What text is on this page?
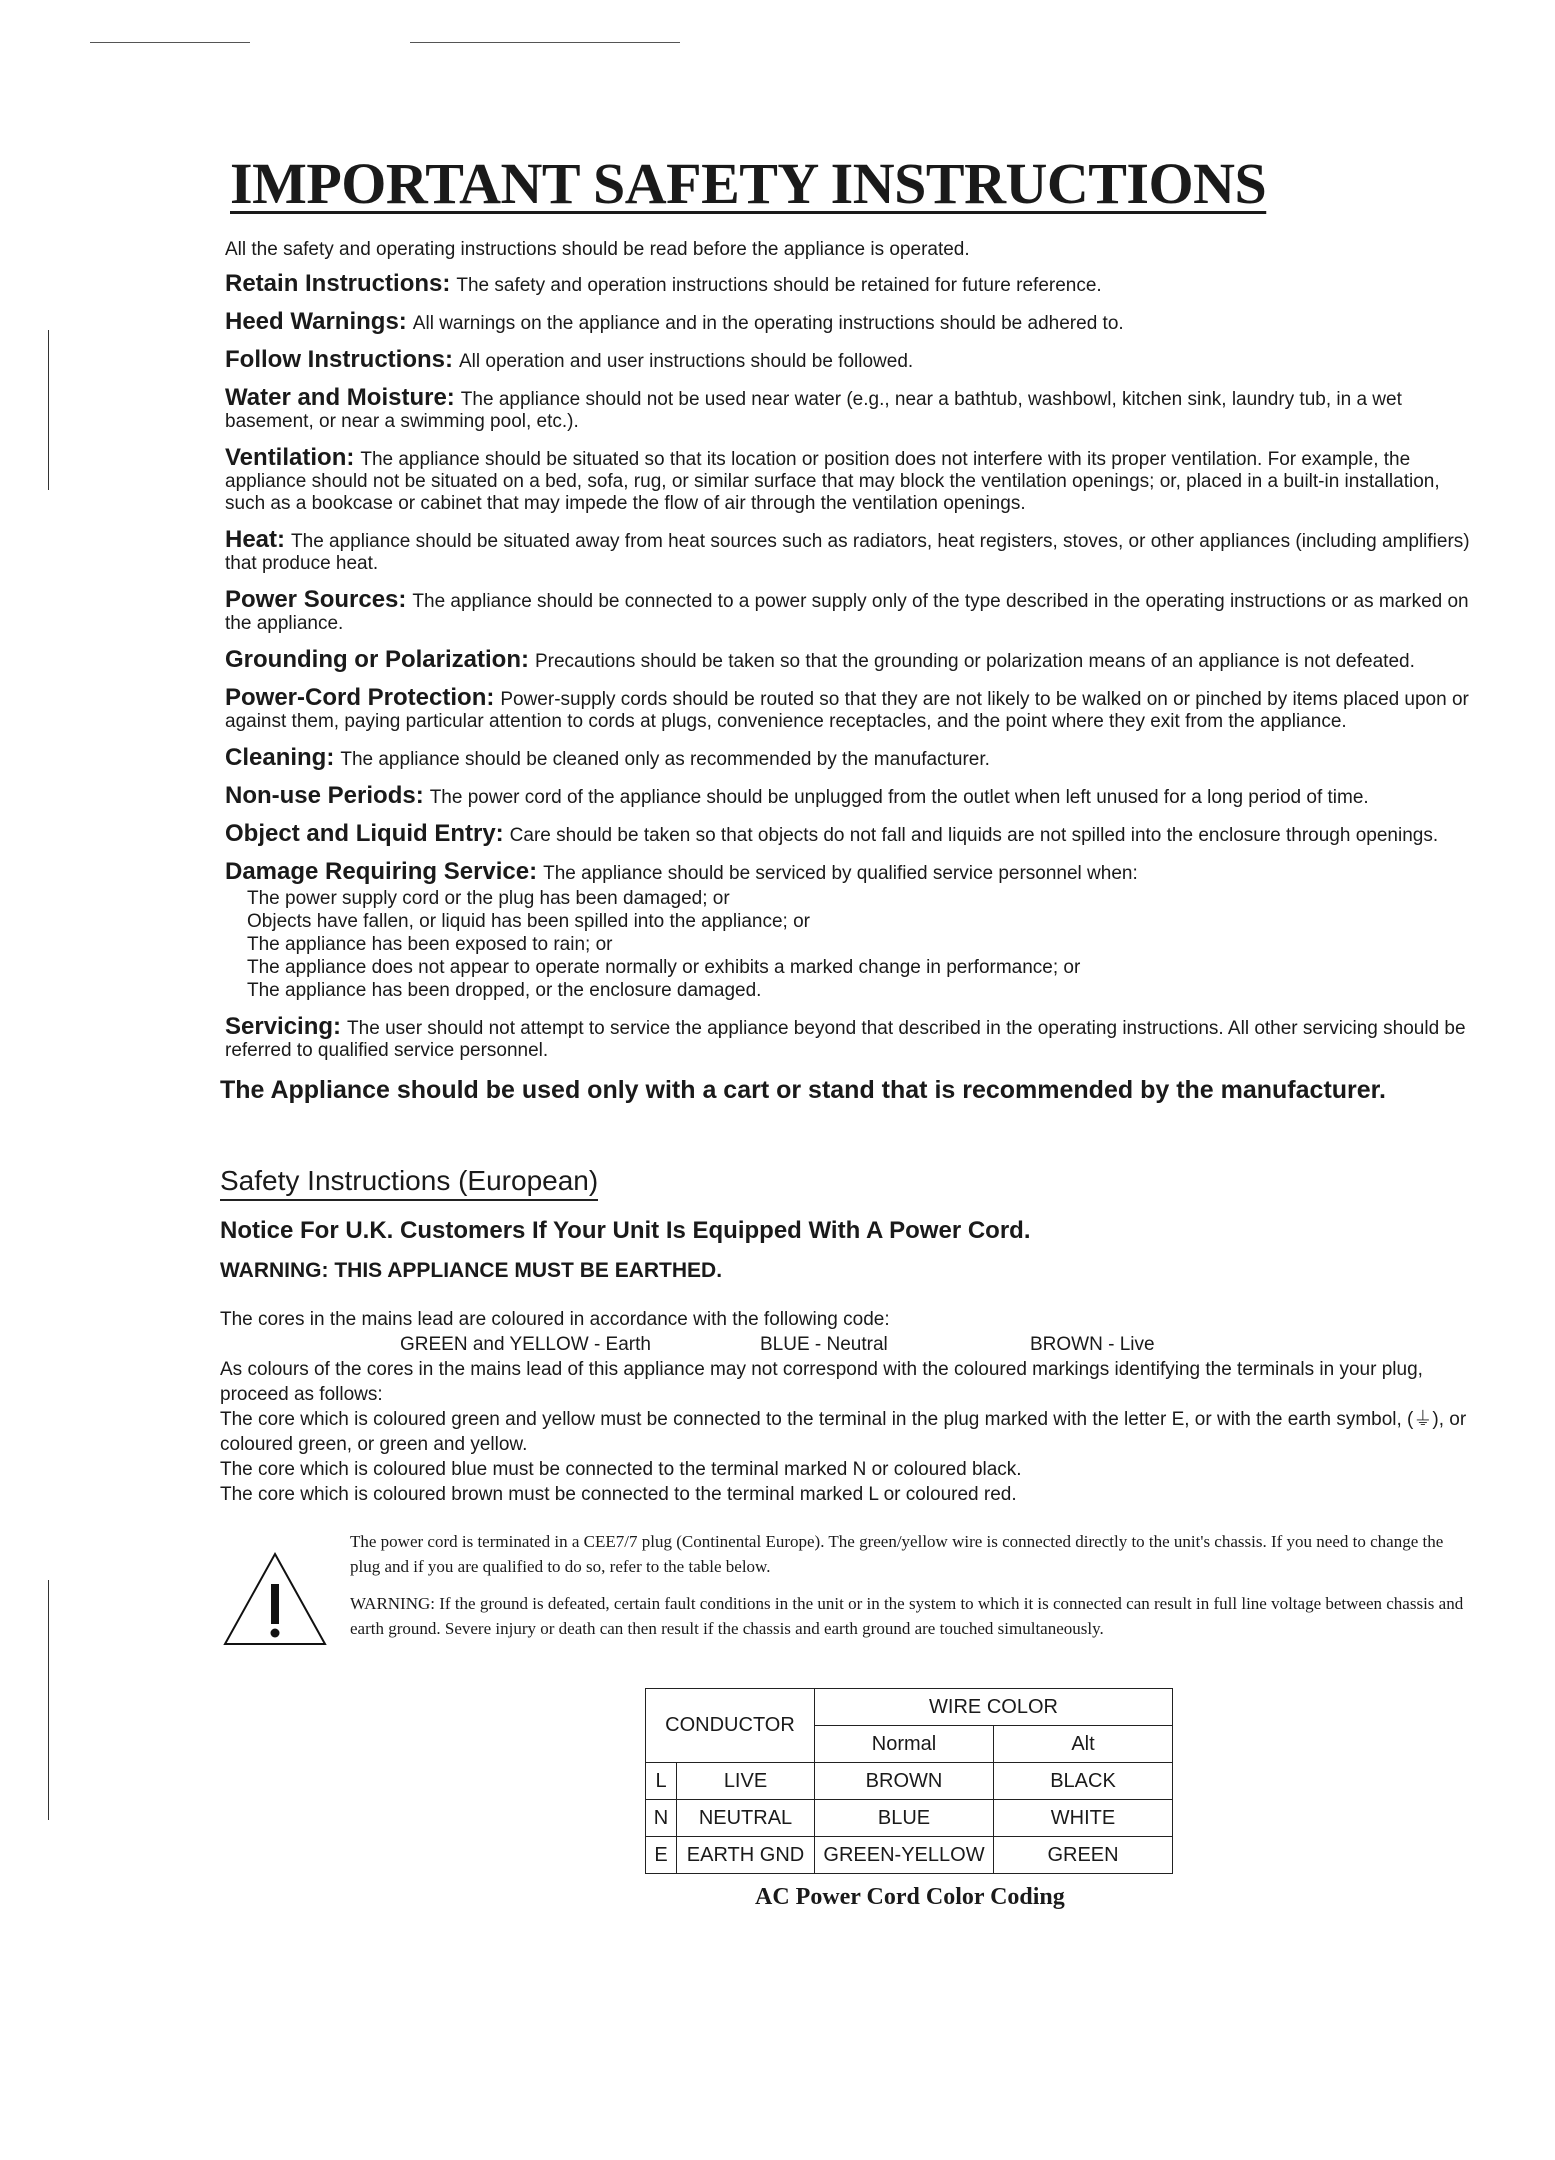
IMPORTANT SAFETY INSTRUCTIONS
All the safety and operating instructions should be read before the appliance is operated.
Retain Instructions: The safety and operation instructions should be retained for future reference.
Heed Warnings: All warnings on the appliance and in the operating instructions should be adhered to.
Follow Instructions: All operation and user instructions should be followed.
Water and Moisture: The appliance should not be used near water (e.g., near a bathtub, washbowl, kitchen sink, laundry tub, in a wet basement, or near a swimming pool, etc.).
Ventilation: The appliance should be situated so that its location or position does not interfere with its proper ventilation. For example, the appliance should not be situated on a bed, sofa, rug, or similar surface that may block the ventilation openings; or, placed in a built-in installation, such as a bookcase or cabinet that may impede the flow of air through the ventilation openings.
Heat: The appliance should be situated away from heat sources such as radiators, heat registers, stoves, or other appliances (including amplifiers) that produce heat.
Power Sources: The appliance should be connected to a power supply only of the type described in the operating instructions or as marked on the appliance.
Grounding or Polarization: Precautions should be taken so that the grounding or polarization means of an appliance is not defeated.
Power-Cord Protection: Power-supply cords should be routed so that they are not likely to be walked on or pinched by items placed upon or against them, paying particular attention to cords at plugs, convenience receptacles, and the point where they exit from the appliance.
Cleaning: The appliance should be cleaned only as recommended by the manufacturer.
Non-use Periods: The power cord of the appliance should be unplugged from the outlet when left unused for a long period of time.
Object and Liquid Entry: Care should be taken so that objects do not fall and liquids are not spilled into the enclosure through openings.
Damage Requiring Service: The appliance should be serviced by qualified service personnel when:
The power supply cord or the plug has been damaged; or
Objects have fallen, or liquid has been spilled into the appliance; or
The appliance has been exposed to rain; or
The appliance does not appear to operate normally or exhibits a marked change in performance; or
The appliance has been dropped, or the enclosure damaged.
Servicing: The user should not attempt to service the appliance beyond that described in the operating instructions. All other servicing should be referred to qualified service personnel.
The Appliance should be used only with a cart or stand that is recommended by the manufacturer.
Safety Instructions (European)
Notice For U.K. Customers If Your Unit Is Equipped With A Power Cord.
WARNING: THIS APPLIANCE MUST BE EARTHED.
The cores in the mains lead are coloured in accordance with the following code:
GREEN and YELLOW - Earth	BLUE - Neutral	BROWN - Live
As colours of the cores in the mains lead of this appliance may not correspond with the coloured markings identifying the terminals in your plug, proceed as follows:
The core which is coloured green and yellow must be connected to the terminal in the plug marked with the letter E, or with the earth symbol, (⏚), or coloured green, or green and yellow.
The core which is coloured blue must be connected to the terminal marked N or coloured black.
The core which is coloured brown must be connected to the terminal marked L or coloured red.

The power cord is terminated in a CEE7/7 plug (Continental Europe). The green/yellow wire is connected directly to the unit's chassis. If you need to change the plug and if you are qualified to do so, refer to the table below.

WARNING: If the ground is defeated, certain fault conditions in the unit or in the system to which it is connected can result in full line voltage between chassis and earth ground. Severe injury or death can then result if the chassis and earth ground are touched simultaneously.

CONDUCTOR		WIRE COLOR	
		Normal	Alt
L	LIVE	BROWN	BLACK
N	NEUTRAL	BLUE	WHITE
E	EARTH GND	GREEN-YELLOW	GREEN
AC Power Cord Color Coding
